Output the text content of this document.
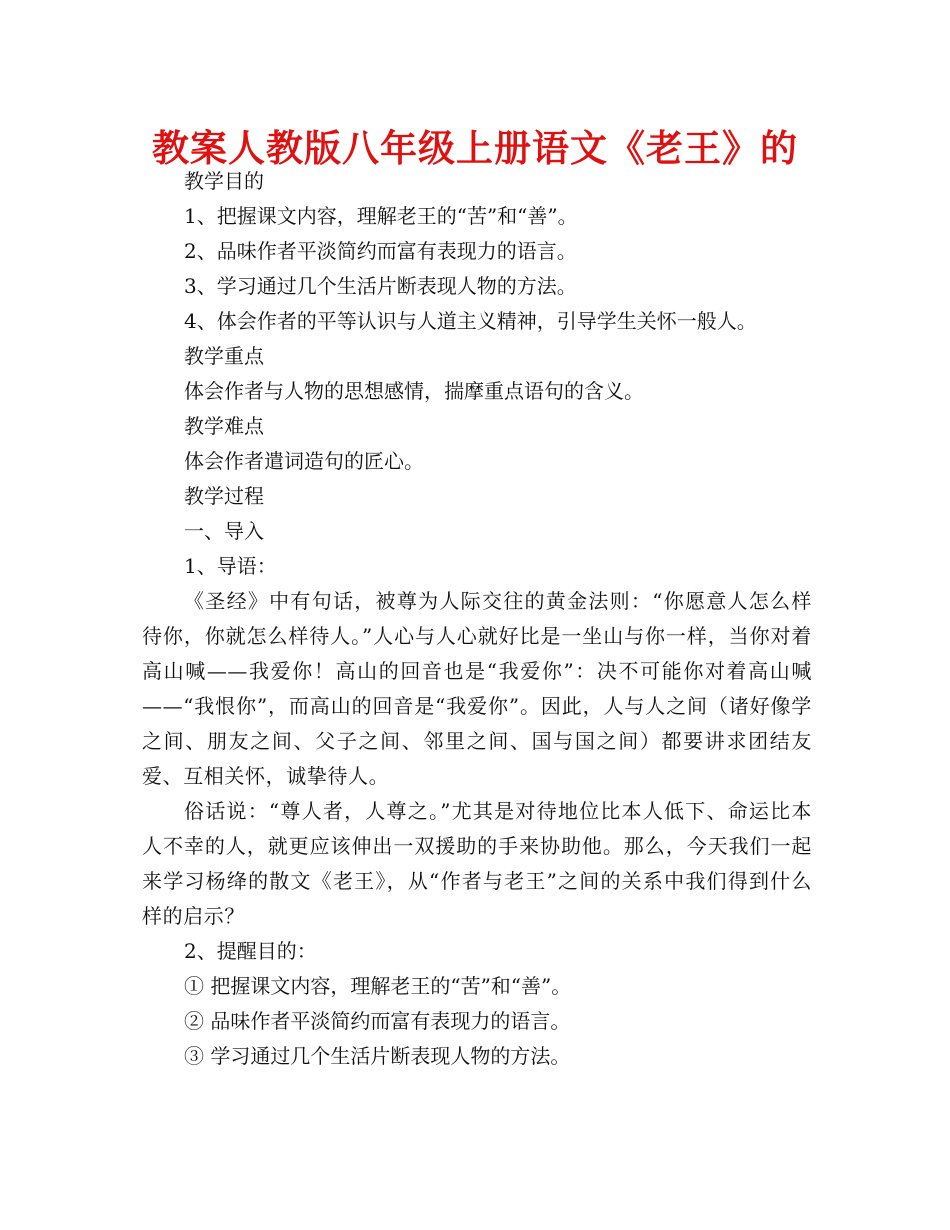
教案人教版八年级上册语文《老王》的

教学目的

1、把握课文内容，理解老王的“苦”和“善”。

2、品味作者平淡简约而富有表现力的语言。

3、学习通过几个生活片断表现人物的方法。

4、体会作者的平等认识与人道主义精神，引导学生关怀一般人。

教学重点

体会作者与人物的思想感情，揣摩重点语句的含义。

教学难点

体会作者遣词造句的匠心。

教学过程

一、导入

1、导语：

《圣经》中有句话，被尊为人际交往的黄金法则：“你愿意人怎么样待你，你就怎么样待人。”人心与人心就好比是一坐山与你一样，当你对着高山喊——我爱你！高山的回音也是“我爱你”：决不可能你对着高山喊——“我恨你”，而高山的回音是“我爱你”。因此，人与人之间（诸好像学之间、朋友之间、父子之间、邻里之间、国与国之间）都要讲求团结友爱、互相关怀，诚挚待人。

俗话说：“尊人者，人尊之。”尤其是对待地位比本人低下、命运比本人不幸的人，就更应该伸出一双援助的手来协助他。那么，今天我们一起来学习杨绛的散文《老王》，从“作者与老王”之间的关系中我们得到什么样的启示？

2、提醒目的：

① 把握课文内容，理解老王的“苦”和“善”。

② 品味作者平淡简约而富有表现力的语言。

③ 学习通过几个生活片断表现人物的方法。
